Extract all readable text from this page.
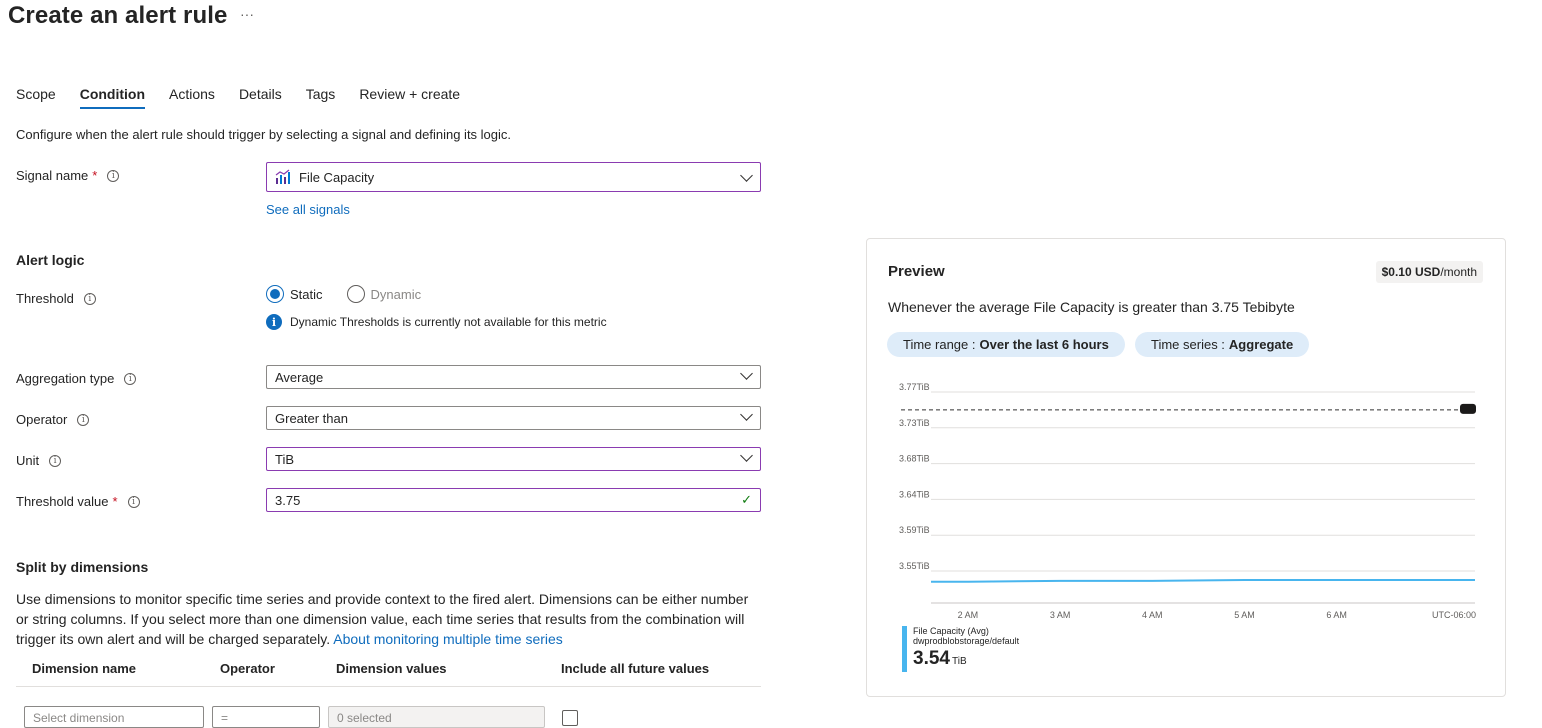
Create an alert rule ···
Scope Condition Actions Details Tags Review + create
Configure when the alert rule should trigger by selecting a signal and defining its logic.
Signal name *	i	File Capacity
See all signals
Alert logic
Threshold	i	Static	Dynamic
i	Dynamic Thresholds is currently not available for this metric
Aggregation type	i	Average
Operator	i	Greater than
Unit	i	TiB
Threshold value *	i	3.75	✓
Split by dimensions
Use dimensions to monitor specific time series and provide context to the fired alert. Dimensions can be either number or string columns. If you select more than one dimension value, each time series that results from the combination will trigger its own alert and will be charged separately. About monitoring multiple time series
Dimension name	Operator	Dimension values	Include all future values
Select dimension	=	0 selected
Preview	$0.10 USD/month
Whenever the average File Capacity is greater than 3.75 Tebibyte
Time range : Over the last 6 hours	Time series : Aggregate
3.77TiB
3.73TiB
3.68TiB
3.64TiB
3.59TiB
3.55TiB
2 AM	3 AM	4 AM	5 AM	6 AM	UTC-06:00
File Capacity (Avg)
dwprodblobstorage/default
3.54 TiB
